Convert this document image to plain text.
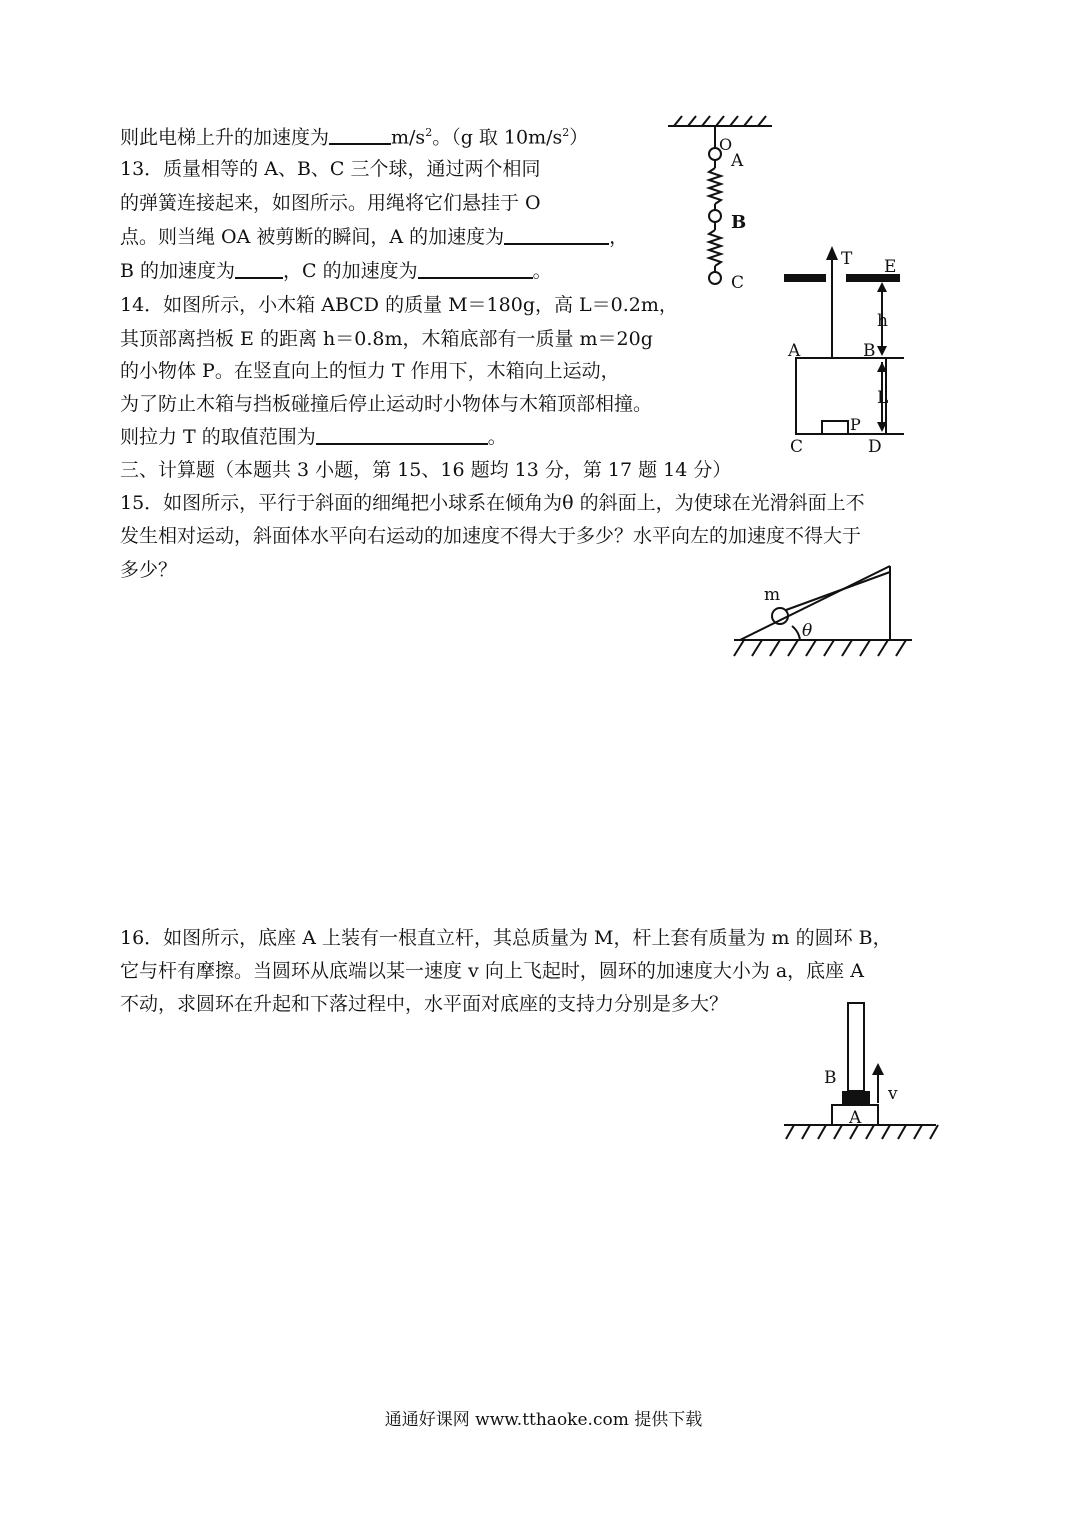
则此电梯上升的加速度为	$m/s^2$。（g 取 $10m/s^2$）
13．质量相等的 A、B、C 三个球，通过两个相同
的弹簧连接起来，如图所示。用绳将它们悬挂于 O
点。则当绳 OA 被剪断的瞬间，A 的加速度为	，
B 的加速度为	，C 的加速度为	。
O
A
B
C
14．如图所示，小木箱 ABCD 的质量 M＝180g，高 L＝0.2m，
其顶部离挡板 E 的距离 h＝0.8m，木箱底部有一质量 m＝20g
的小物体 P。在竖直向上的恒力 T 作用下，木箱向上运动，
为了防止木箱与挡板碰撞后停止运动时小物体与木箱顶部相撞。
则拉力 T 的取值范围为	。
T E
h
A	B
L
P
C	D
三、计算题（本题共 3 小题，第 15、16 题均 13 分，第 17 题 14 分）
15．如图所示，平行于斜面的细绳把小球系在倾角为θ 的斜面上，为使球在光滑斜面上不
发生相对运动，斜面体水平向右运动的加速度不得大于多少？水平向左的加速度不得大于
多少？
m
θ
16．如图所示，底座 A 上装有一根直立杆，其总质量为 M，杆上套有质量为 m 的圆环 B，
它与杆有摩擦。当圆环从底端以某一速度 v 向上飞起时，圆环的加速度大小为 a，底座 A
不动，求圆环在升起和下落过程中，水平面对底座的支持力分别是多大？
B
v
A
通通好课网 www.tthaoke.com 提供下载
